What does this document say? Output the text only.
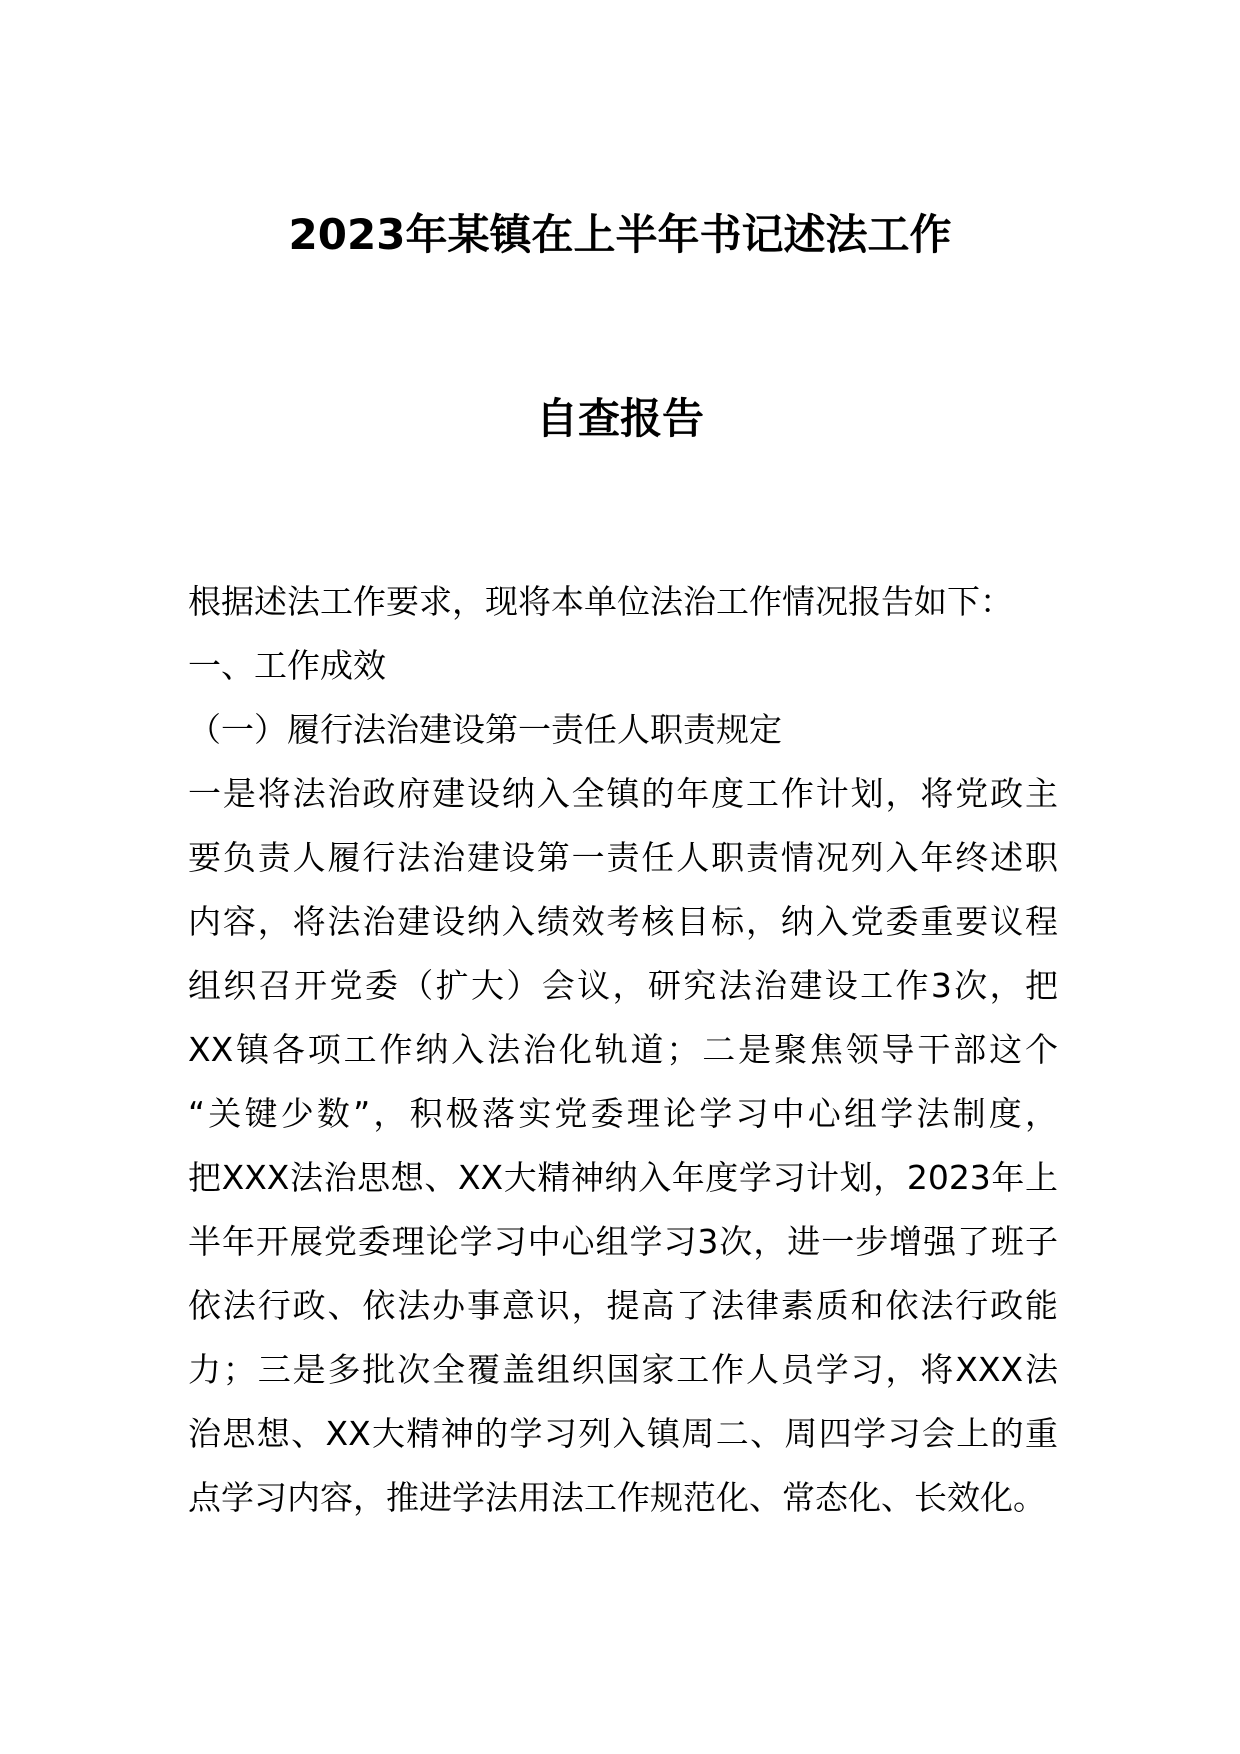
2023年某镇在上半年书记述法工作
自查报告
根据述法工作要求，现将本单位法治工作情况报告如下：
一、工作成效
（一）履行法治建设第一责任人职责规定
一是将法治政府建设纳入全镇的年度工作计划，将党政主
要负责人履行法治建设第一责任人职责情况列入年终述职
内容，将法治建设纳入绩效考核目标，纳入党委重要议程
组织召开党委（扩大）会议，研究法治建设工作3次，把
XX镇各项工作纳入法治化轨道；二是聚焦领导干部这个
“关键少数”，积极落实党委理论学习中心组学法制度，
把XXX法治思想、XX大精神纳入年度学习计划，2023年上
半年开展党委理论学习中心组学习3次，进一步增强了班子
依法行政、依法办事意识，提高了法律素质和依法行政能
力；三是多批次全覆盖组织国家工作人员学习，将XXX法
治思想、XX大精神的学习列入镇周二、周四学习会上的重
点学习内容，推进学法用法工作规范化、常态化、长效化。
